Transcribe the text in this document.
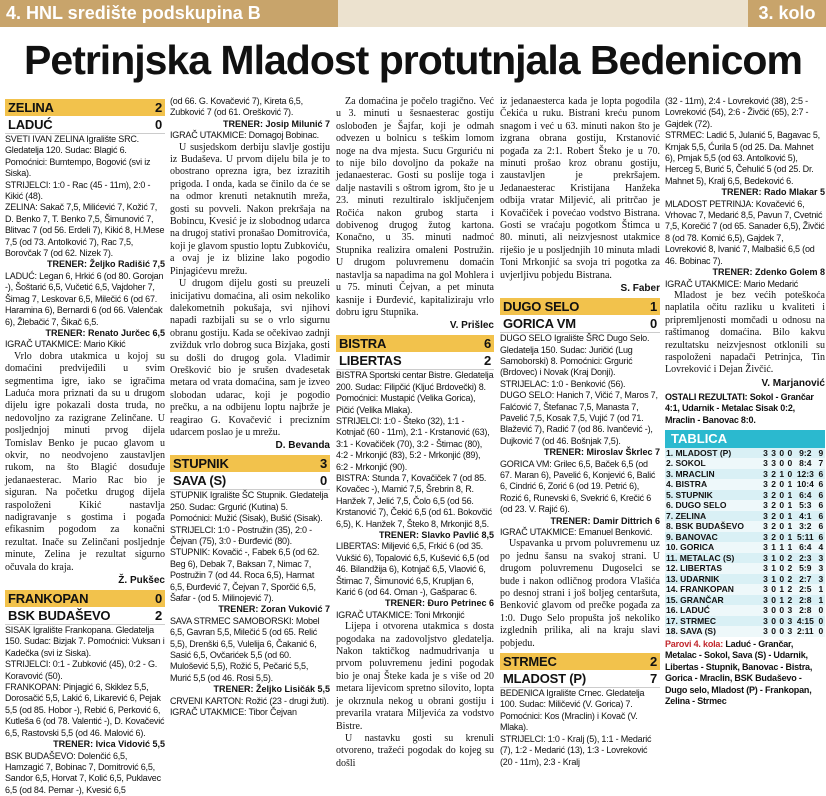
4. HNL središte podskupina B	3. kolo
Petrinjska Mladost protutnjala Bedenicom
ZELINA	2
LADUĆ	0
SVETI IVAN ZELINA Igralište SRC. Gledatelja 120. Sudac: Blagić 6. Pomoćnici: Bumtempo, Bogović (svi iz Siska).
STRIJELCI: 1:0 - Rac (45 - 11m), 2:0 - Kikić (48).
ZELINA: Sakač 7,5, Milićević 7, Kožić 7, D. Benko 7, T. Benko 7,5, Šimunović 7, Blitvac 7 (od 56. Erdeli 7), Kikić 8, H.Mese 7,5 (od 73. Antolković 7), Rac 7,5, Borovčak 7 (od 62. Nizek 7).
TRENER: Željko Radišić 7,5
LADUĆ: Legan 6, Hrkić 6 (od 80. Gorojan -), Šoštarić 6,5, Vučetić 6,5, Vajdoher 7, Šimag 7, Leskovar 6,5, Milečić 6 (od 67. Haramina 6), Bernardi 6 (od 66. Valenčak 6), Žlebačić 7, Šikač 6,5.
TRENER: Renato Jurčec 6,5
IGRAČ UTAKMICE: Mario Kikić

Vrlo dobra utakmica u kojoj su domaćini predvijeđili u svim segmentima igre, iako se igračima Laduća mora priznati da su u drugom dijelu igre pokazali dosta truda, no nedovoljno za razigrane Zelinčane. U posljednjoj minuti prvog dijela Tomislav Benko je pucao glavom u okvir, no neodvojeno zaustavljen rukom, na što Blagić dosuđuje jedanaesterac. Mario Rac bio je siguran. Na početku drugog dijela raspoloženi Kikić nastavlja nadigravanje s gostima i pogađa efikasnim pogodom za konačni rezultat. Inače su Zelinčani posljednje minute, Zelina je rezultat sigurno očuvala do kraja.

Ž. Pukšec
FRANKOPAN	0
BSK BUDAŠEVO	2
SISAK Igralište Frankopana. Gledatelja 150. Sudac: Bizjak 7. Pomoćnici: Vuksan i Kadečka (svi iz Siska).
STRIJELCI: 0:1 - Zubković (45), 0:2 - G. Koravović (50).
FRANKOPAN: Pinjagić 6, Skiklez 5,5, Dorosačić 5,5, Lakić 6, Likarević 6, Pejak 5,5 (od 85. Hobor -), Rebić 6, Perković 6, Kutleša 6 (od 78. Valentić -), D. Kovačević 6,5, Rastovski 5,5 (od 46. Malović 6).
TRENER: Ivica Vidović 5,5
BSK BUDAŠEVO: Dolenčić 6,5, Hamzagić 7, Bobinac 7, Domitrović 6,5, Sandor 6,5, Horvat 7, Kolić 6,5, Puklavec 6,5 (od 84. Pemar -), Kvesić 6,5
(od 66. G. Kovačević 7), Kireta 6,5, Zubković 7 (od 61. Orešković 7).
TRENER: Josip Milunić 7
IGRAČ UTAKMICE: Domagoj Bobinac.

U susjedskom derbiju slavlje gostiju iz Budaševa. U prvom dijelu bila je to obostrano oprezna igra, bez izrazitih prigoda. I onda, kada se činilo da će se na odmor krenuti netaknutih mreža, gosti su povveli. Nakon prekršaja na Bobincu, Kvesić je iz slobodnog udarca na drugoj stativi pronašao Domitrovića, koji je glavom spustio loptu Zubkoviću, a ovaj je iz blizine lako pogodio Pinjagićevu mrežu.

U drugom dijelu gosti su preuzeli inicijativu domaćina, ali osim nekoliko dalekometnih pokušaja, svi njihovi napadi razbijali su se o vrlo sigurnu obranu gostiju. Kada se očekivao zadnji zvižduk vrlo dobrog suca Bizjaka, gosti su došli do drugog gola. Vladimir Orešković bio je srušen dvadesetak metara od vrata domaćina, sam je izveo slobodan udarac, koji je pogodio prečku, a na odbijenu loptu najbrže je reagirao G. Kovačević i precizním udarcem poslao je u mrežu.

D. Bevanda
STUPNIK	3
SAVA (S)	0
STUPNIK Igralište ŠC Stupnik. Gledatelja 250. Sudac: Grgurić (Kutina) 5. Pomoćnici: Mužić (Sisak), Bušić (Sisak).
STRIJELCI: 1:0 - Postružin (35), 2:0 - Čejvan (75), 3:0 - Đurđević (80).
STUPNIK: Kovačić -, Fabek 6,5 (od 62. Beg 6), Debak 7, Baksan 7, Nimac 7, Postružin 7 (od 44. Roca 6,5), Harmat 6,5, Đurđević 7, Čejvan 7, Sporčić 6,5, Šafar - (od 5. Milinojević 7).
TRENER: Zoran Vuković 7
SAVA STRMEC SAMOBORSKI: Mobel 6,5, Gavran 5,5, Milečić 5 (od 65. Relić 5,5), Drenški 6,5, Vulelija 6, Čakanić 6, Sasić 6,5, Ovčarićek 5,5 (od 60. Mulošević 5,5), Rožić 5, Pečarić 5,5, Murić 5,5 (od 46. Rosi 5,5).
TRENER: Željko Lisičák 5,5
CRVENI KARTON: Rožić (23 - drugi žuti).
IGRAČ UTAKMICE: Tibor Čejvan

Za domaćina je počelo tragično. Već u 3. minuti u šesnaesterac gostiju oslobođen je Šajfar, koji je odmah odvezen u bolnicu s teškim lomom noge na dva mjesta. Sucu Grguriću ni to nije bilo dovoljno da pokaže na jedanaesterac. Gosti su poslije toga i dalje nastavili s oštrom igrom, što je u 23. minuti rezultiralo isključenjem Ročića nakon grubog starta i dobivenog drugog žutog kartona. Konačno, u 35. minuti nadmoć Stupnika realizira omaleni Postružin. U drugom poluvremenu domaćin nastavlja sa napadima na gol Mohlera i u 75. minuti Čejvan, a pet minuta kasnije i Đurđević, kapitaliziraju vrlo dobru igru Stupnika.

V. Prišlec
BISTRA	6
LIBERTAS	2
BISTRA Sportski centar Bistre. Gledatelja 200. Sudac: Filipčić (Kljuć Brdovečki) 8. Pomoćnici: Mustapić (Velika Gorica), Pičić (Velika Mlaka).
STRIJELCI: 1:0 - Šteko (32), 1:1 - Kotnjač (60 - 11m), 2:1 - Krstanović (63), 3:1 - Kovačiček (70), 3:2 - Štimac (80), 4:2 - Mrkonjić (83), 5:2 - Mrkonjić (89), 6:2 - Mrkonjić (90).
BISTRA: Stunda 7, Kovačiček 7 (od 85. Kovačec -), Mamić 7,5, Šrebrin 8, R. Hanžek 7, Jelić 7,5, Čolo 6,5 (od 56. Krstanović 7), Čekić 6,5 (od 61. Bokovčić 6,5), K. Hanžek 7, Šteko 8, Mrkonjić 8,5.
TRENER: Slavko Pavlić 8,5
LIBERTAS: Miljević 6,5, Frkić 6 (od 35. Vukšić 6), Topalović 6,5, Kušević 6,5 (od 46. Bilandžija 6), Kotnjač 6,5, Vlaović 6, Štimac 7, Šimunović 6,5, Krupljan 6, Karić 6 (od 64. Oman -), Gašparac 6.
TRENER: Đuro Petrinec 6
IGRAČ UTAKMICE: Toni Mrkonjić

Lijepa i otvorena utakmica s dosta pogodaka na zadovoljstvo gledatelja. Nakon taktičkog nadmudrivanja u prvom poluvremenu jedini pogodak bio je onaj Šteke kada je s više od 20 metara lijevicom spretno silovito, lopta je okrznula nekog u obrani gostiju i prevarila vratara Miljevića za vodstvo Bistre.

U nastavku gosti su krenuli otvoreno, tražeći pogodak do kojeg su došli

iz jedanaesterca kada je lopta pogodila Čekića u ruku. Bistrani kreću punom snagom i već u 63. minuti nakon što je izgrana obrana gostiju, Krstanović pogađa za 2:1. Robert Šteko je u 70. minuti prošao kroz obranu gostiju, zaustavljen je prekršajem. Jedanaesterac Kristijana Hanžeka odbija vratar Miljević, ali pritrčao je Kovačiček i povećao vodstvo Bistrana. Gosti se vraćaju pogotkom Štimca u 80. minuti, ali neizvjesnost utakmice riješio je u posljednjih 10 minuta mladi Toni Mrkonjić sa svoja tri pogotka za uvjerljivu pobjedu Bistrana.

S. Faber
DUGO SELO	1
GORICA VM	0
DUGO SELO Igralište ŠRC Dugo Selo. Gledatelja 150. Sudac: Juričić (Lug Samoborski) 8. Pomoćnici: Grgurić (Brdovec) i Novak (Kraj Donji).
STRIJELAC: 1:0 - Benković (56).
DUGO SELO: Hanich 7, Vičić 7, Maros 7, Falćović 7, Štefanac 7,5, Manasta 7, Pavelić 7,5, Kosak 7,5, Vujić 7 (od 71. Blažević 7), Radić 7 (od 86. Ivančević -), Dujković 7 (od 46. Bošnjak 7,5).
TRENER: Miroslav Škrlec 7
GORICA VM: Grilec 6,5, Baček 6,5 (od 67. Maran 6), Pavelić 6, Konjević 6, Balić 6, Cindrić 6, Zorić 6 (od 19. Petrić 6), Rozić 6, Runevski 6, Svekrić 6, Krečić 6 (od 23. V. Rajić 6).
TRENER: Damir Dittrich 6
IGRAČ UTAKMICE: Emanuel Benković.

Uspavanka u prvom poluvremenu uz po jednu šansu na svakoj strani. U drugom poluvremenu Dugoselci se bude i nakon odličnog prodora Vlašića po desnoj strani i još boljeg centaršuta, Benković glavom od prečke pogađa za 1:0. Dugo Selo propušta još nekoliko izglednih prilika, ali na kraju slavi pobjedu.

STRMEC	2
MLADOST (P)	7
BEDENICA Igralište Crnec. Gledatelja 100. Sudac: Miličević (V. Gorica) 7. Pomoćnici: Kos (Mraclin) i Kovač (V. Mlaka).
STRIJELCI: 1:0 - Kralj (5), 1:1 - Medarić (7), 1:2 - Medarić (13), 1:3 - Lovreković (20 - 11m), 2:3 - Kralj
(32 - 11m), 2:4 - Lovreković (38), 2:5 - Lovreković (54), 2:6 - Živčić (65), 2:7 - Gajdek (72).
STRMEC: Ladić 5, Julanić 5, Bagavac 5, Krnjak 5,5, Ćurila 5 (od 25. Da. Mahnet 6), Prnjak 5,5 (od 63. Antolković 5), Herceg 5, Burić 5, Čehulić 5 (od 25. Dr. Mahnet 5), Kralj 6,5, Bedeković 6.
TRENER: Rado Mlakar 5
MLADOST PETRINJA: Kovačević 6, Vrhovac 7, Medarić 8,5, Pavun 7, Cvetnić 7,5, Korečić 7 (od 65. Sanader 6,5), Živčić 8 (od 78. Komić 6,5), Gajdek 7, Lovreković 8, Ivanić 7, Malbašić 6,5 (od 46. Bobinac 7).
TRENER: Zdenko Golem 8
IGRAČ UTAKMICE: Mario Medarić

Mladost je bez većih poteškoća naplatila očitu razliku u kvaliteti i pripremljenosti momčadi u odnosu na raštimanog domaćina. Bilo kakvu rezultatsku neizvjesnost otklonili su raspoloženi napadači Petrinjca, Tin Lovreković i Dejan Živčić.

V. Marjanović
OSTALI REZULTATI: Sokol - Grančar 4:1, Udarnik - Metalac Sisak 0:2, Mraclin - Banovac 8:0.
TABLICA
1. MLADOST (P)	3	3	0	0	9:2	9
2. SOKOL	3	3	0	0	8:4	7
3. MRACLIN	3	2	1	0	12:3	6
4. BISTRA	3	2	0	1	10:4	6
5. STUPNIK	3	2	0	1	6:4	6
6. DUGO SELO	3	2	0	1	5:3	6
7. ZELINA	3	2	0	1	4:1	6
8. BSK BUDAŠEVO	3	2	0	1	3:2	6
9. BANOVAC	3	2	0	1	5:11	6
10. GORICA	3	1	1	1	6:4	4
11. METALAC (S)	3	1	0	2	2:3	3
12. LIBERTAS	3	1	0	2	5:9	3
13. UDARNIK	3	1	0	2	2:7	3
14. FRANKOPAN	3	0	1	2	2:5	1
15. GRANČAR	3	0	1	2	2:8	1
16. LADUĆ	3	0	0	3	2:8	0
17. STRMEC	3	0	0	3	4:15	0
18. SAVA (S)	3	0	0	3	2:11	0
Parovi 4. kola: Laduć - Grančar, Metalac - Sokol, Sava (S) - Udarnik, Libertas - Stupnik, Banovac - Bistra, Gorica - Mraclin, BSK Budaševo - Dugo selo, Mladost (P) - Frankopan, Zelina - Strmec
